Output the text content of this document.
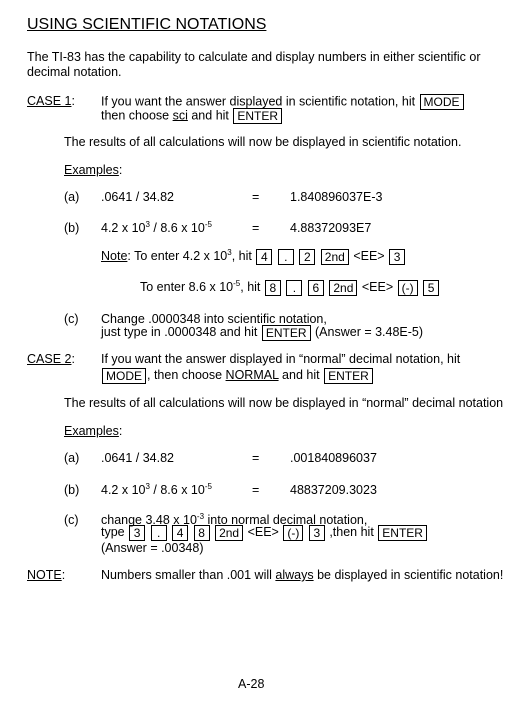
USING SCIENTIFIC NOTATIONS
The TI-83 has the capability to calculate and display numbers in either scientific or
decimal notation.
CASE 1: If you want the answer displayed in scientific notation, hit MODE
then choose sci and hit ENTER
The results of all calculations will now be displayed in scientific notation.
Examples:
(a) .0641 / 34.82	= 1.840896037E-3
(b) 4.2 x $10^3 / 8.6$ x $10^{-5}$	= 4.88372093E7
Note: To enter 4.2 x $10^3$, hit 4 . 2 2nd <EE> 3
To enter 8.6 x $10^{-5}$, hit 8 . 6 2nd <EE> (-) 5
(c) Change .0000348 into scientific notation,
just type in .0000348 and hit ENTER (Answer = 3.48E-5)
CASE 2: If you want the answer displayed in “normal” decimal notation, hit
MODE , then choose NORMAL and hit ENTER
The results of all calculations will now be displayed in “normal” decimal notation
Examples:
(a) .0641 / 34.82	= .001840896037
(b) 4.2 x $10^3 / 8.6$ x $10^{-5}$	= 48837209.3023
(c) change 3.48 x $10^{-3}$ into normal decimal notation,
type 3 . 4 8 2nd <EE> (-) 3 ,then hit ENTER
(Answer = .00348)
NOTE:	Numbers smaller than .001 will always be displayed in scientific notation!
A-28
